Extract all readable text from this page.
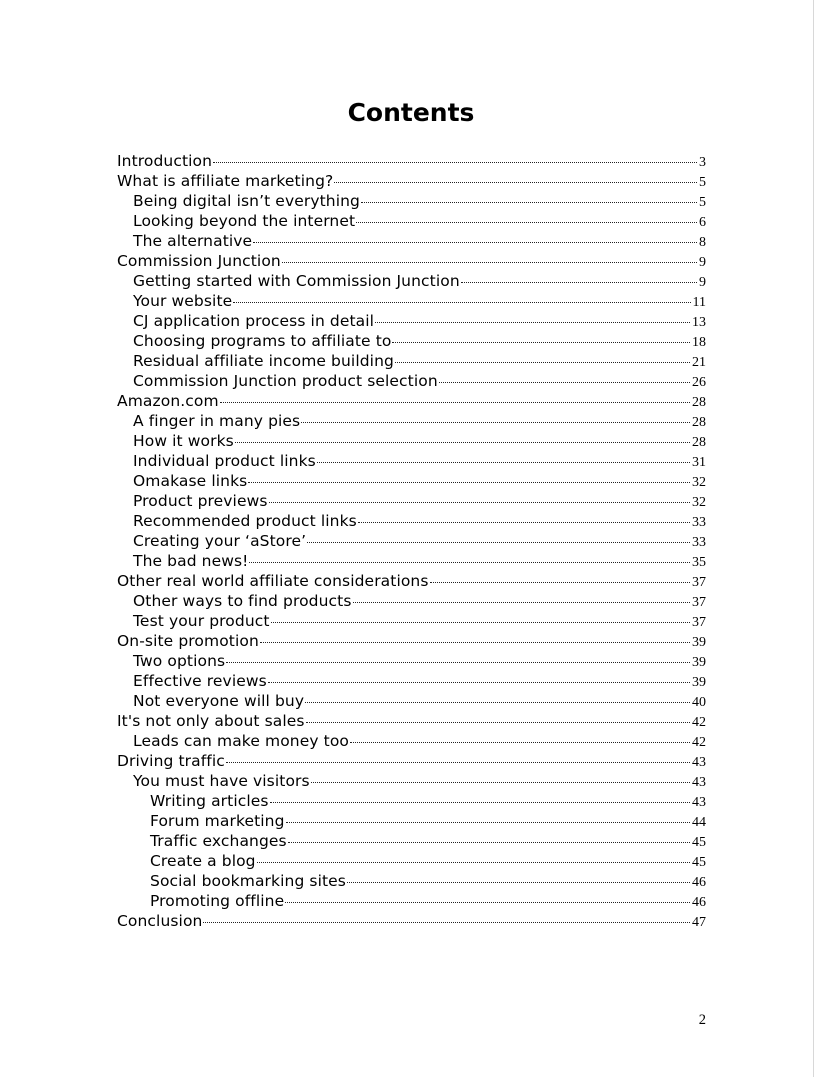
Contents
Introduction	3
What is affiliate marketing?	5
Being digital isn’t everything	5
Looking beyond the internet	6
The alternative	8
Commission Junction	9
Getting started with Commission Junction	9
Your website	11
CJ application process in detail	13
Choosing programs to affiliate to	18
Residual affiliate income building	21
Commission Junction product selection	26
Amazon.com	28
A finger in many pies	28
How it works	28
Individual product links	31
Omakase links	32
Product previews	32
Recommended product links	33
Creating your ‘aStore’	33
The bad news!	35
Other real world affiliate considerations	37
Other ways to find products	37
Test your product	37
On-site promotion	39
Two options	39
Effective reviews	39
Not everyone will buy	40
It's not only about sales	42
Leads can make money too	42
Driving traffic	43
You must have visitors	43
Writing articles	43
Forum marketing	44
Traffic exchanges	45
Create a blog	45
Social bookmarking sites	46
Promoting offline	46
Conclusion	47
2
